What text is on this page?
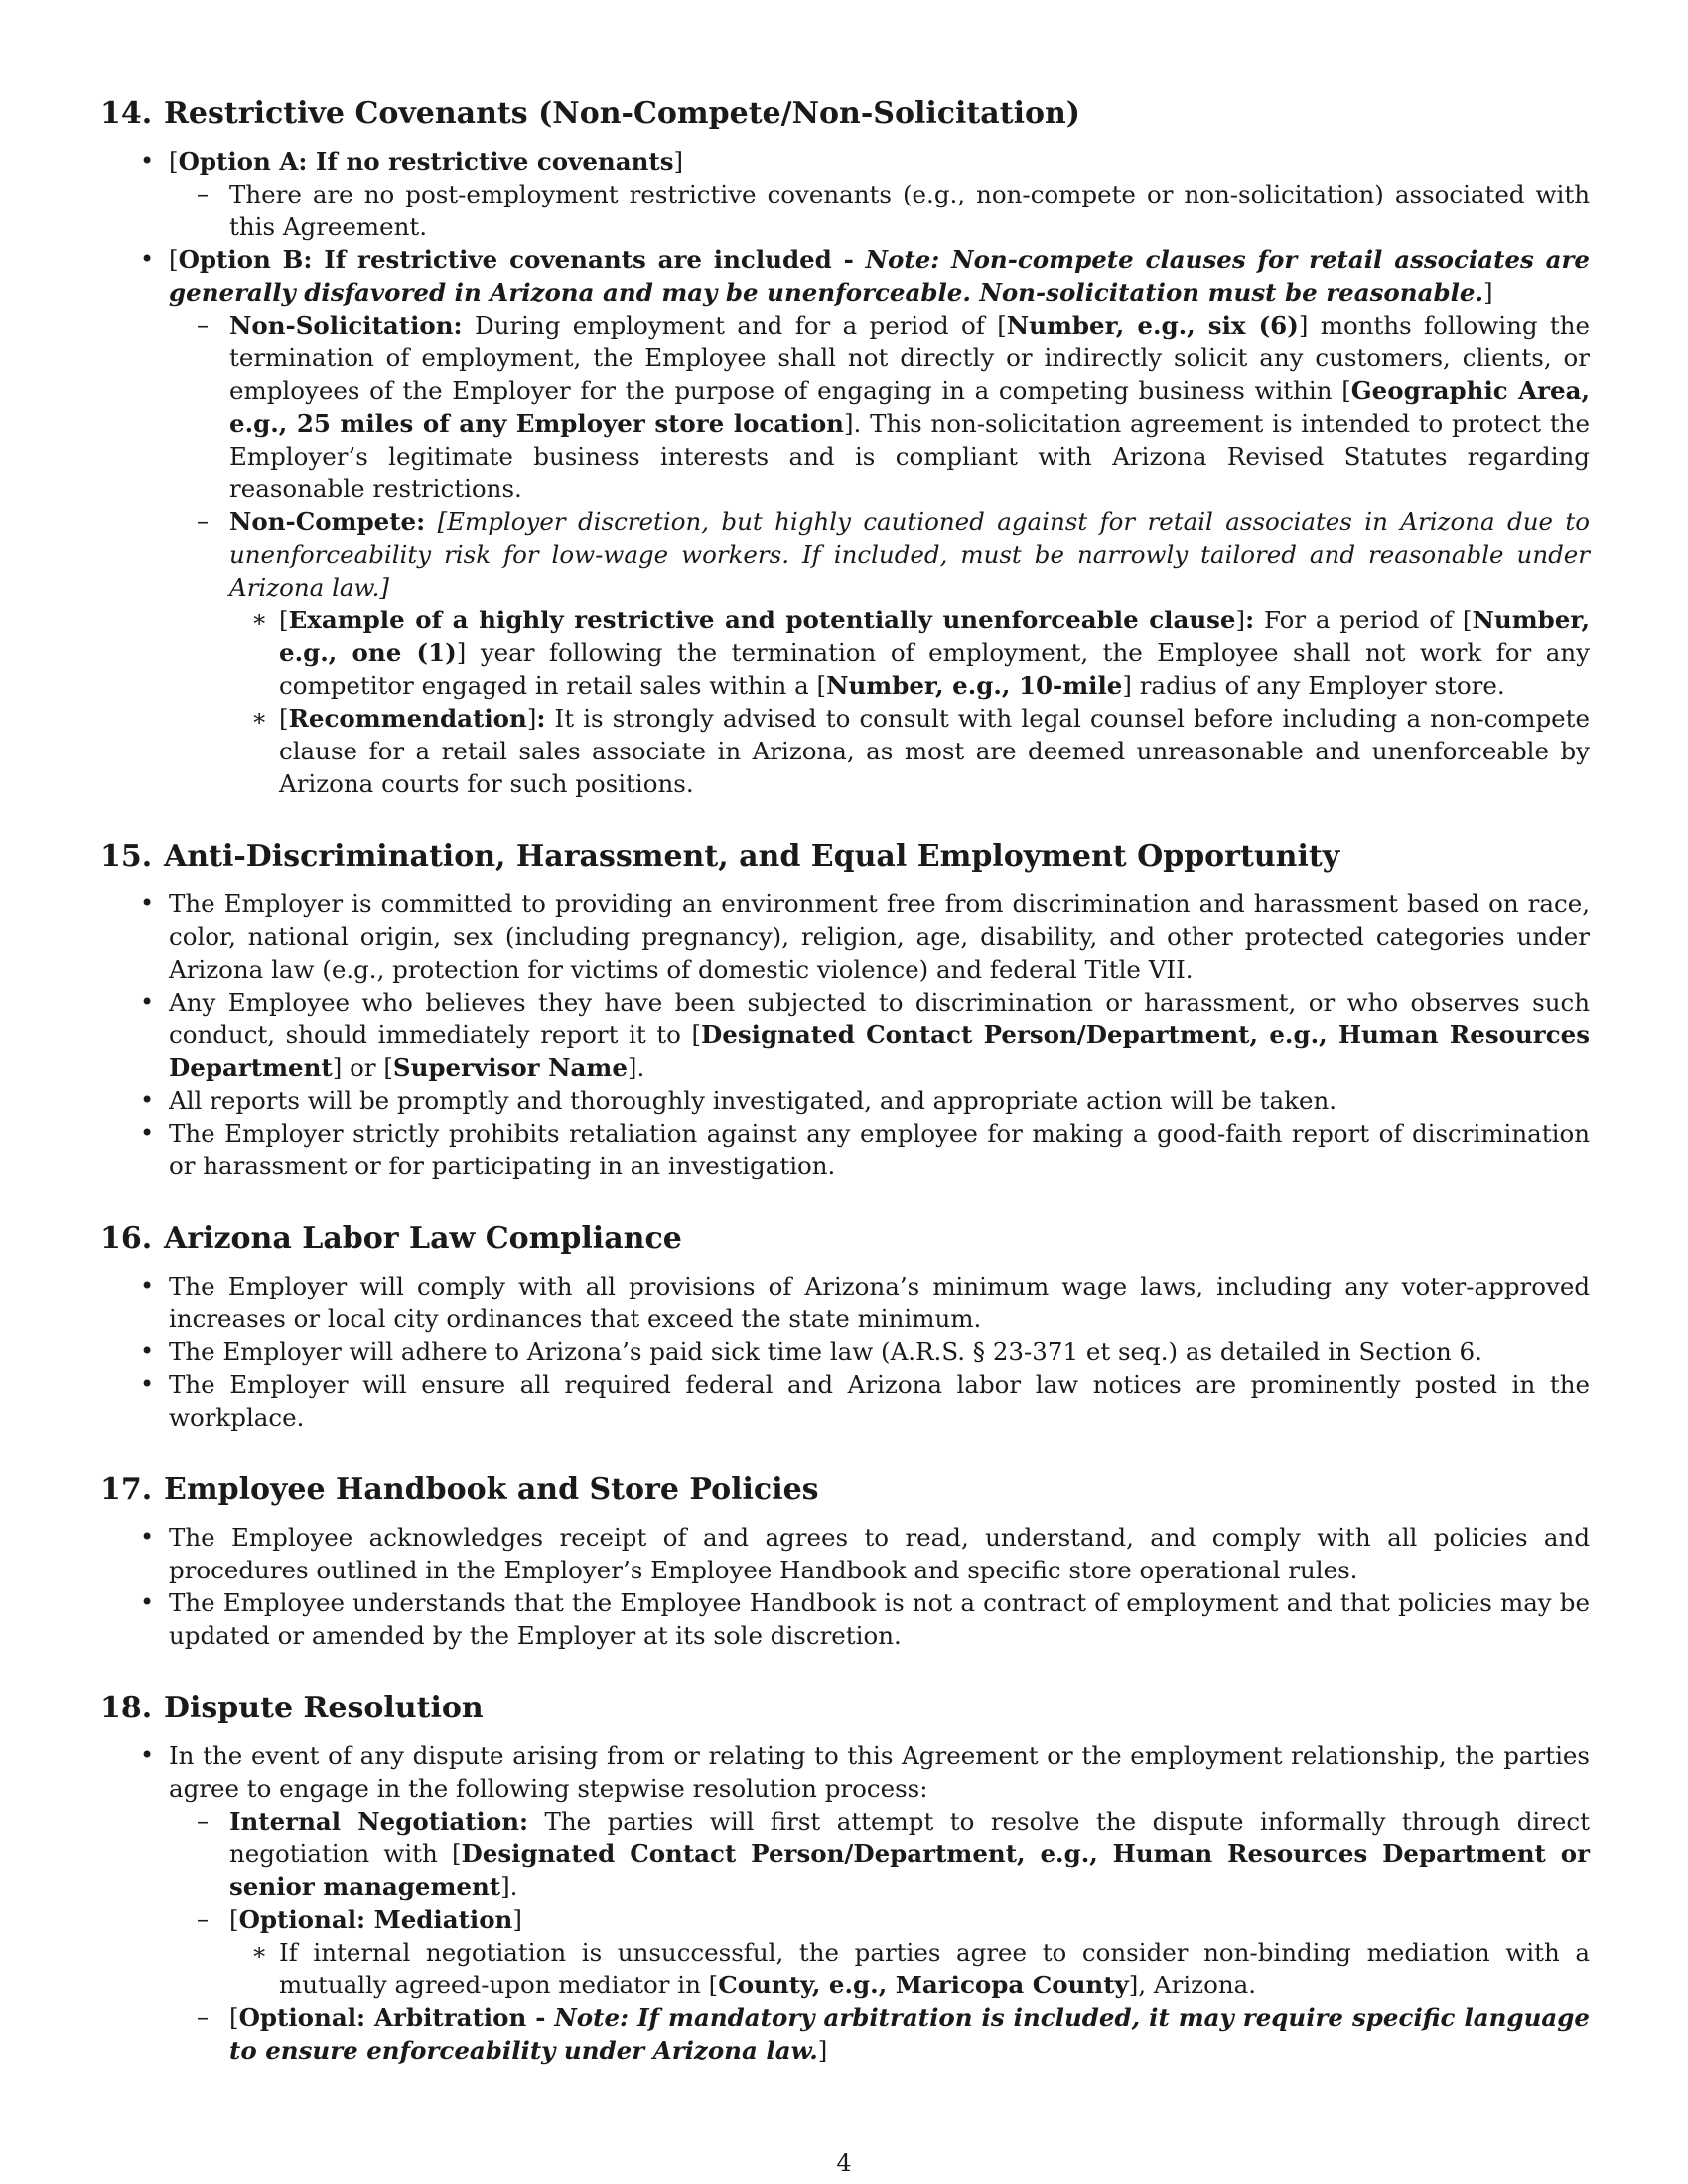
14. Restrictive Covenants (Non-Compete/Non-Solicitation)
• [Option A: If no restrictive covenants]
– There are no post-employment restrictive covenants (e.g., non-compete or non-solicitation) associated with this Agreement.
• [Option B: If restrictive covenants are included - Note: Non-compete clauses for retail associates are generally disfavored in Arizona and may be unenforceable. Non-solicitation must be reasonable.]
– Non-Solicitation: During employment and for a period of [Number, e.g., six (6)] months following the termination of employment, the Employee shall not directly or indirectly solicit any customers, clients, or employees of the Employer for the purpose of engaging in a competing business within [Geographic Area, e.g., 25 miles of any Employer store location]. This non-solicitation agreement is intended to protect the Employer’s legitimate business interests and is compliant with Arizona Revised Statutes regarding reasonable restrictions.
– Non-Compete: [Employer discretion, but highly cautioned against for retail associates in Arizona due to unenforceability risk for low-wage workers. If included, must be narrowly tailored and reasonable under Arizona law.]
∗ [Example of a highly restrictive and potentially unenforceable clause]: For a period of [Number, e.g., one (1)] year following the termination of employment, the Employee shall not work for any competitor engaged in retail sales within a [Number, e.g., 10-mile] radius of any Employer store.
∗ [Recommendation]: It is strongly advised to consult with legal counsel before including a non-compete clause for a retail sales associate in Arizona, as most are deemed unreasonable and unenforceable by Arizona courts for such positions.
15. Anti-Discrimination, Harassment, and Equal Employment Opportunity
• The Employer is committed to providing an environment free from discrimination and harassment based on race, color, national origin, sex (including pregnancy), religion, age, disability, and other protected categories under Arizona law (e.g., protection for victims of domestic violence) and federal Title VII.
• Any Employee who believes they have been subjected to discrimination or harassment, or who observes such conduct, should immediately report it to [Designated Contact Person/Department, e.g., Human Resources Department] or [Supervisor Name].
• All reports will be promptly and thoroughly investigated, and appropriate action will be taken.
• The Employer strictly prohibits retaliation against any employee for making a good-faith report of discrimination or harassment or for participating in an investigation.
16. Arizona Labor Law Compliance
• The Employer will comply with all provisions of Arizona’s minimum wage laws, including any voter-approved increases or local city ordinances that exceed the state minimum.
• The Employer will adhere to Arizona’s paid sick time law (A.R.S. § 23-371 et seq.) as detailed in Section 6.
• The Employer will ensure all required federal and Arizona labor law notices are prominently posted in the workplace.
17. Employee Handbook and Store Policies
• The Employee acknowledges receipt of and agrees to read, understand, and comply with all policies and procedures outlined in the Employer’s Employee Handbook and specific store operational rules.
• The Employee understands that the Employee Handbook is not a contract of employment and that policies may be updated or amended by the Employer at its sole discretion.
18. Dispute Resolution
• In the event of any dispute arising from or relating to this Agreement or the employment relationship, the parties agree to engage in the following stepwise resolution process:
– Internal Negotiation: The parties will first attempt to resolve the dispute informally through direct negotiation with [Designated Contact Person/Department, e.g., Human Resources Department or senior management].
– [Optional: Mediation]
∗ If internal negotiation is unsuccessful, the parties agree to consider non-binding mediation with a mutually agreed-upon mediator in [County, e.g., Maricopa County], Arizona.
– [Optional: Arbitration - Note: If mandatory arbitration is included, it may require specific language to ensure enforceability under Arizona law.]
4
